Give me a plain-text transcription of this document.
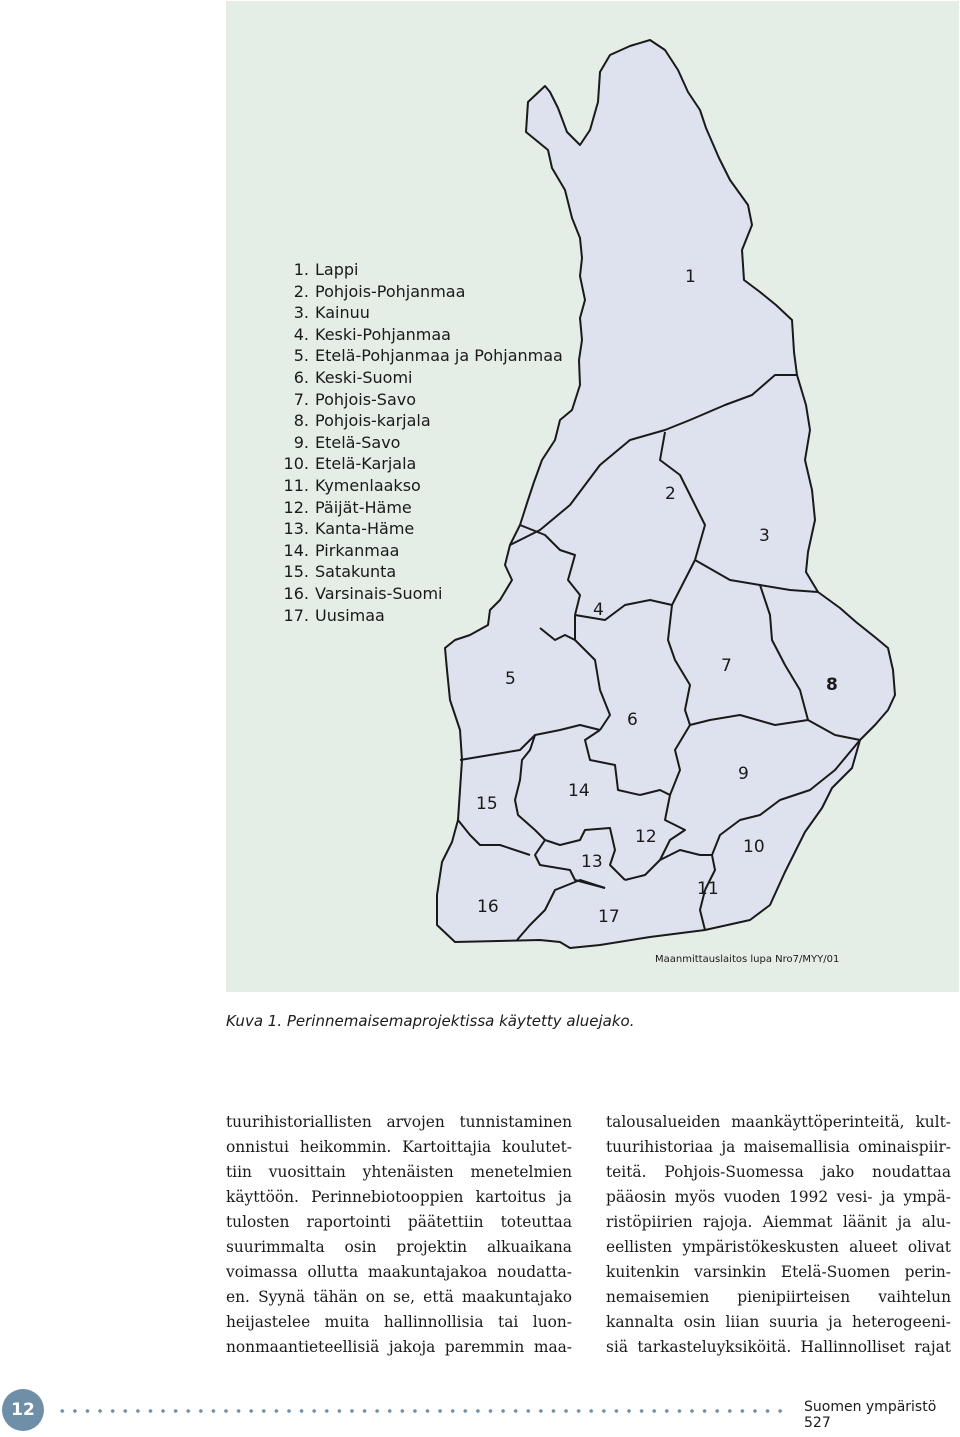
1
2
3
4
5
6
7
8
9
10
11
12
13
14
15
16	17
1. Lappi
2. Pohjois-Pohjanmaa
3. Kainuu
4. Keski-Pohjanmaa
5. Etelä-Pohjanmaa ja Pohjanmaa
6. Keski-Suomi
7. Pohjois-Savo
8. Pohjois-karjala
9. Etelä-Savo
10. Etelä-Karjala
11. Kymenlaakso
12. Päijät-Häme
13. Kanta-Häme
14. Pirkanmaa
15. Satakunta
16. Varsinais-Suomi
17. Uusimaa
Maanmittauslaitos lupa Nro7/MYY/01
Kuva 1. Perinnemaisemaprojektissa käytetty aluejako.
tuurihistoriallisten arvojen tunnistaminen
onnistui heikommin. Kartoittajia koulutet-
tiin vuosittain yhtenäisten menetelmien
käyttöön. Perinnebiotooppien kartoitus ja
tulosten raportointi päätettiin toteuttaa
suurimmalta osin projektin alkuaikana
voimassa ollutta maakuntajakoa noudatta-
en. Syynä tähän on se, että maakuntajako
heijastelee muita hallinnollisia tai luon-
nonmaantieteellisiä jakoja paremmin maa-
talousalueiden maankäyttöperinteitä, kult-
tuurihistoriaa ja maisemallisia ominaispiir-
teitä. Pohjois-Suomessa jako noudattaa
pääosin myös vuoden 1992 vesi- ja ympä-
ristöpiirien rajoja. Aiemmat läänit ja alu-
eellisten ympäristökeskusten alueet olivat
kuitenkin varsinkin Etelä-Suomen perin-
nemaisemien pienipiirteisen vaihtelun
kannalta osin liian suuria ja heterogeeni-
siä tarkasteluyksiköitä. Hallinnolliset rajat
12	Suomen ympäristö 527
